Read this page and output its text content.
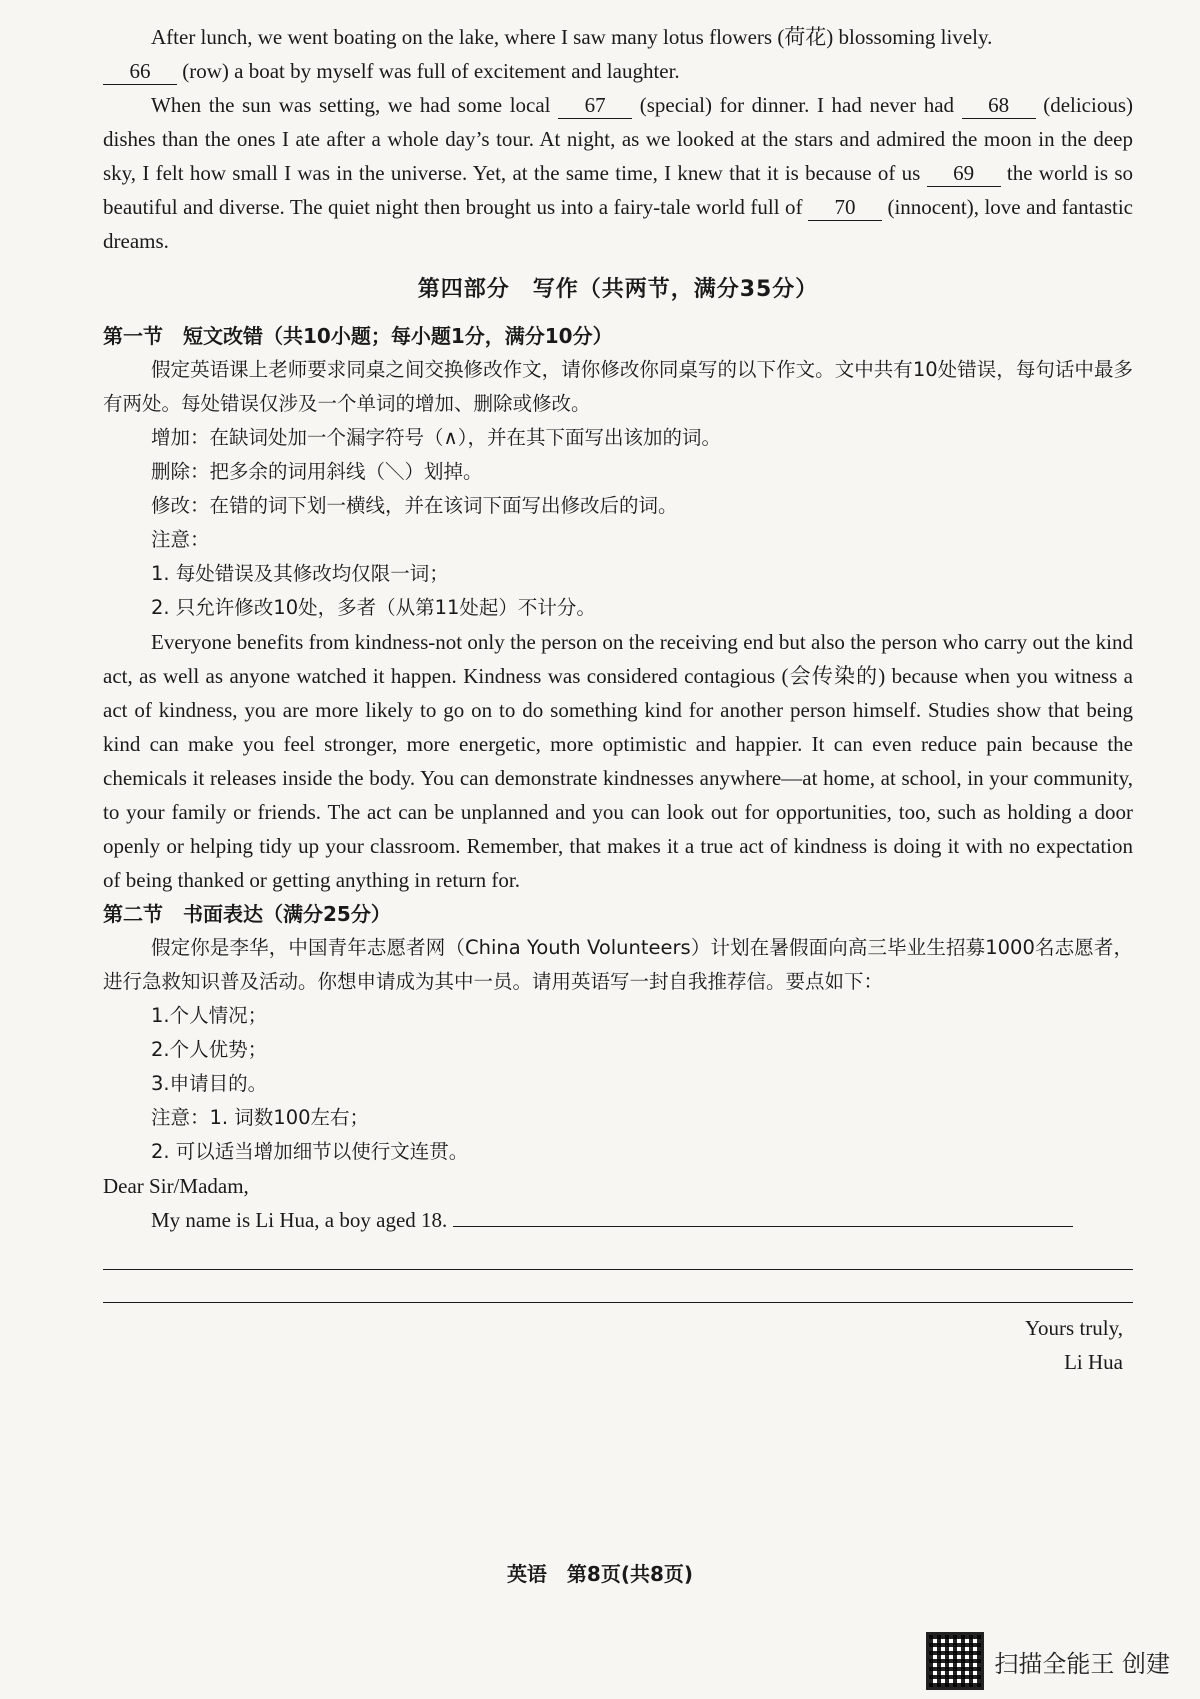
After lunch, we went boating on the lake, where I saw many lotus flowers (荷花) blossoming lively.
66 (row) a boat by myself was full of excitement and laughter.

When the sun was setting, we had some local 67 (special) for dinner. I had never had 68 (delicious) dishes than the ones I ate after a whole day’s tour. At night, as we looked at the stars and admired the moon in the deep sky, I felt how small I was in the universe. Yet, at the same time, I knew that it is because of us 69 the world is so beautiful and diverse. The quiet night then brought us into a fairy-tale world full of 70 (innocent), love and fantastic dreams.

第四部分　写作（共两节，满分35分）
第一节　短文改错（共10小题；每小题1分，满分10分）

假定英语课上老师要求同桌之间交换修改作文，请你修改你同桌写的以下作文。文中共有10处错误，每句话中最多有两处。每处错误仅涉及一个单词的增加、删除或修改。

增加：在缺词处加一个漏字符号（∧），并在其下面写出该加的词。

删除：把多余的词用斜线（＼）划掉。

修改：在错的词下划一横线，并在该词下面写出修改后的词。

注意：

1. 每处错误及其修改均仅限一词；

2. 只允许修改10处，多者（从第11处起）不计分。

Everyone benefits from kindness-not only the person on the receiving end but also the person who carry out the kind act, as well as anyone watched it happen. Kindness was considered contagious (会传染的) because when you witness a act of kindness, you are more likely to go on to do something kind for another person himself. Studies show that being kind can make you feel stronger, more energetic, more optimistic and happier. It can even reduce pain because the chemicals it releases inside the body. You can demonstrate kindnesses anywhere—at home, at school, in your community, to your family or friends. The act can be unplanned and you can look out for opportunities, too, such as holding a door openly or helping tidy up your classroom. Remember, that makes it a true act of kindness is doing it with no expectation of being thanked or getting anything in return for.

第二节　书面表达（满分25分）

假定你是李华，中国青年志愿者网（China Youth Volunteers）计划在暑假面向高三毕业生招募1000名志愿者，进行急救知识普及活动。你想申请成为其中一员。请用英语写一封自我推荐信。要点如下：

1.个人情况；

2.个人优势；

3.申请目的。

注意：1. 词数100左右；

2. 可以适当增加细节以使行文连贯。

Dear Sir/Madam,

My name is Li Hua, a boy aged 18.

Yours truly,

Li Hua

英语　第8页(共8页)
扫描全能王 创建
